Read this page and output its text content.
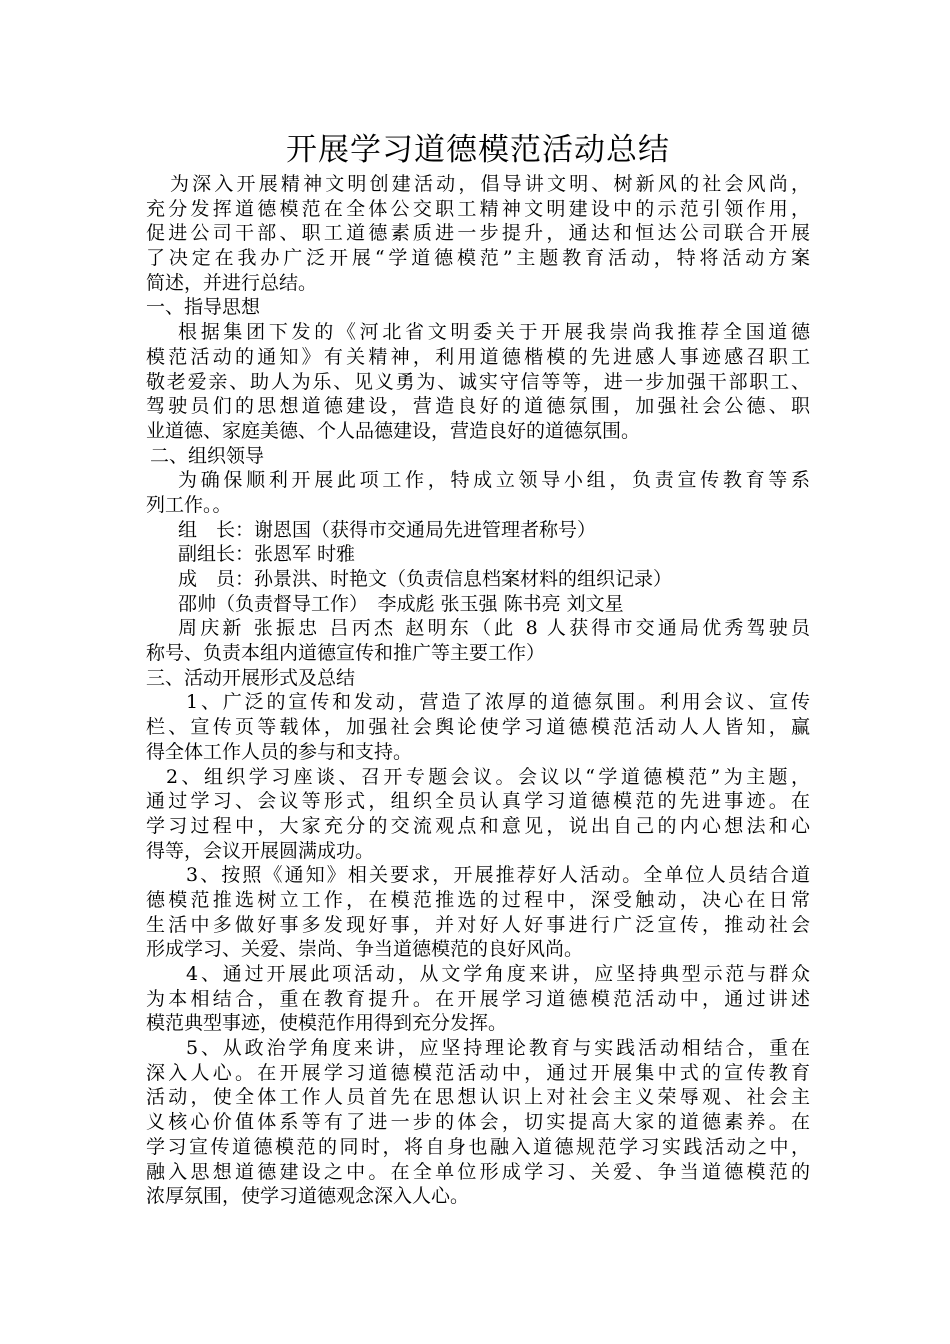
开展学习道德模范活动总结

为深入开展精神文明创建活动，倡导讲文明、树新风的社会风尚，

充分发挥道德模范在全体公交职工精神文明建设中的示范引领作用，

促进公司干部、职工道德素质进一步提升，通达和恒达公司联合开展

了决定在我办广泛开展“学道德模范”主题教育活动，特将活动方案

简述，并进行总结。

一、指导思想

根据集团下发的《河北省文明委关于开展我崇尚我推荐全国道德

模范活动的通知》有关精神，利用道德楷模的先进感人事迹感召职工

敬老爱亲、助人为乐、见义勇为、诚实守信等等，进一步加强干部职工、

驾驶员们的思想道德建设，营造良好的道德氛围，加强社会公德、职

业道德、家庭美德、个人品德建设，营造良好的道德氛围。

二、组织领导

为确保顺利开展此项工作，特成立领导小组，负责宣传教育等系

列工作。。

组　长：谢恩国（获得市交通局先进管理者称号）

副组长：张恩军 时雅

成　员：孙景洪、时艳文（负责信息档案材料的组织记录）

邵帅（负责督导工作）　李成彪 张玉强 陈书亮 刘文星

周庆新 张振忠 吕丙杰 赵明东（此 8 人获得市交通局优秀驾驶员

称号、负责本组内道德宣传和推广等主要工作）

三、活动开展形式及总结

1、广泛的宣传和发动，营造了浓厚的道德氛围。利用会议、宣传

栏、宣传页等载体，加强社会舆论使学习道德模范活动人人皆知，赢

得全体工作人员的参与和支持。

2、组织学习座谈、召开专题会议。会议以“学道德模范”为主题，

通过学习、会议等形式，组织全员认真学习道德模范的先进事迹。在

学习过程中，大家充分的交流观点和意见，说出自己的内心想法和心

得等，会议开展圆满成功。

3、按照《通知》相关要求，开展推荐好人活动。全单位人员结合道

德模范推选树立工作，在模范推选的过程中，深受触动，决心在日常

生活中多做好事多发现好事，并对好人好事进行广泛宣传，推动社会

形成学习、关爱、崇尚、争当道德模范的良好风尚。

4、通过开展此项活动，从文学角度来讲，应坚持典型示范与群众

为本相结合，重在教育提升。在开展学习道德模范活动中，通过讲述

模范典型事迹，使模范作用得到充分发挥。

5、从政治学角度来讲，应坚持理论教育与实践活动相结合，重在

深入人心。在开展学习道德模范活动中，通过开展集中式的宣传教育

活动，使全体工作人员首先在思想认识上对社会主义荣辱观、社会主

义核心价值体系等有了进一步的体会，切实提高大家的道德素养。在

学习宣传道德模范的同时，将自身也融入道德规范学习实践活动之中，

融入思想道德建设之中。在全单位形成学习、关爱、争当道德模范的

浓厚氛围，使学习道德观念深入人心。
